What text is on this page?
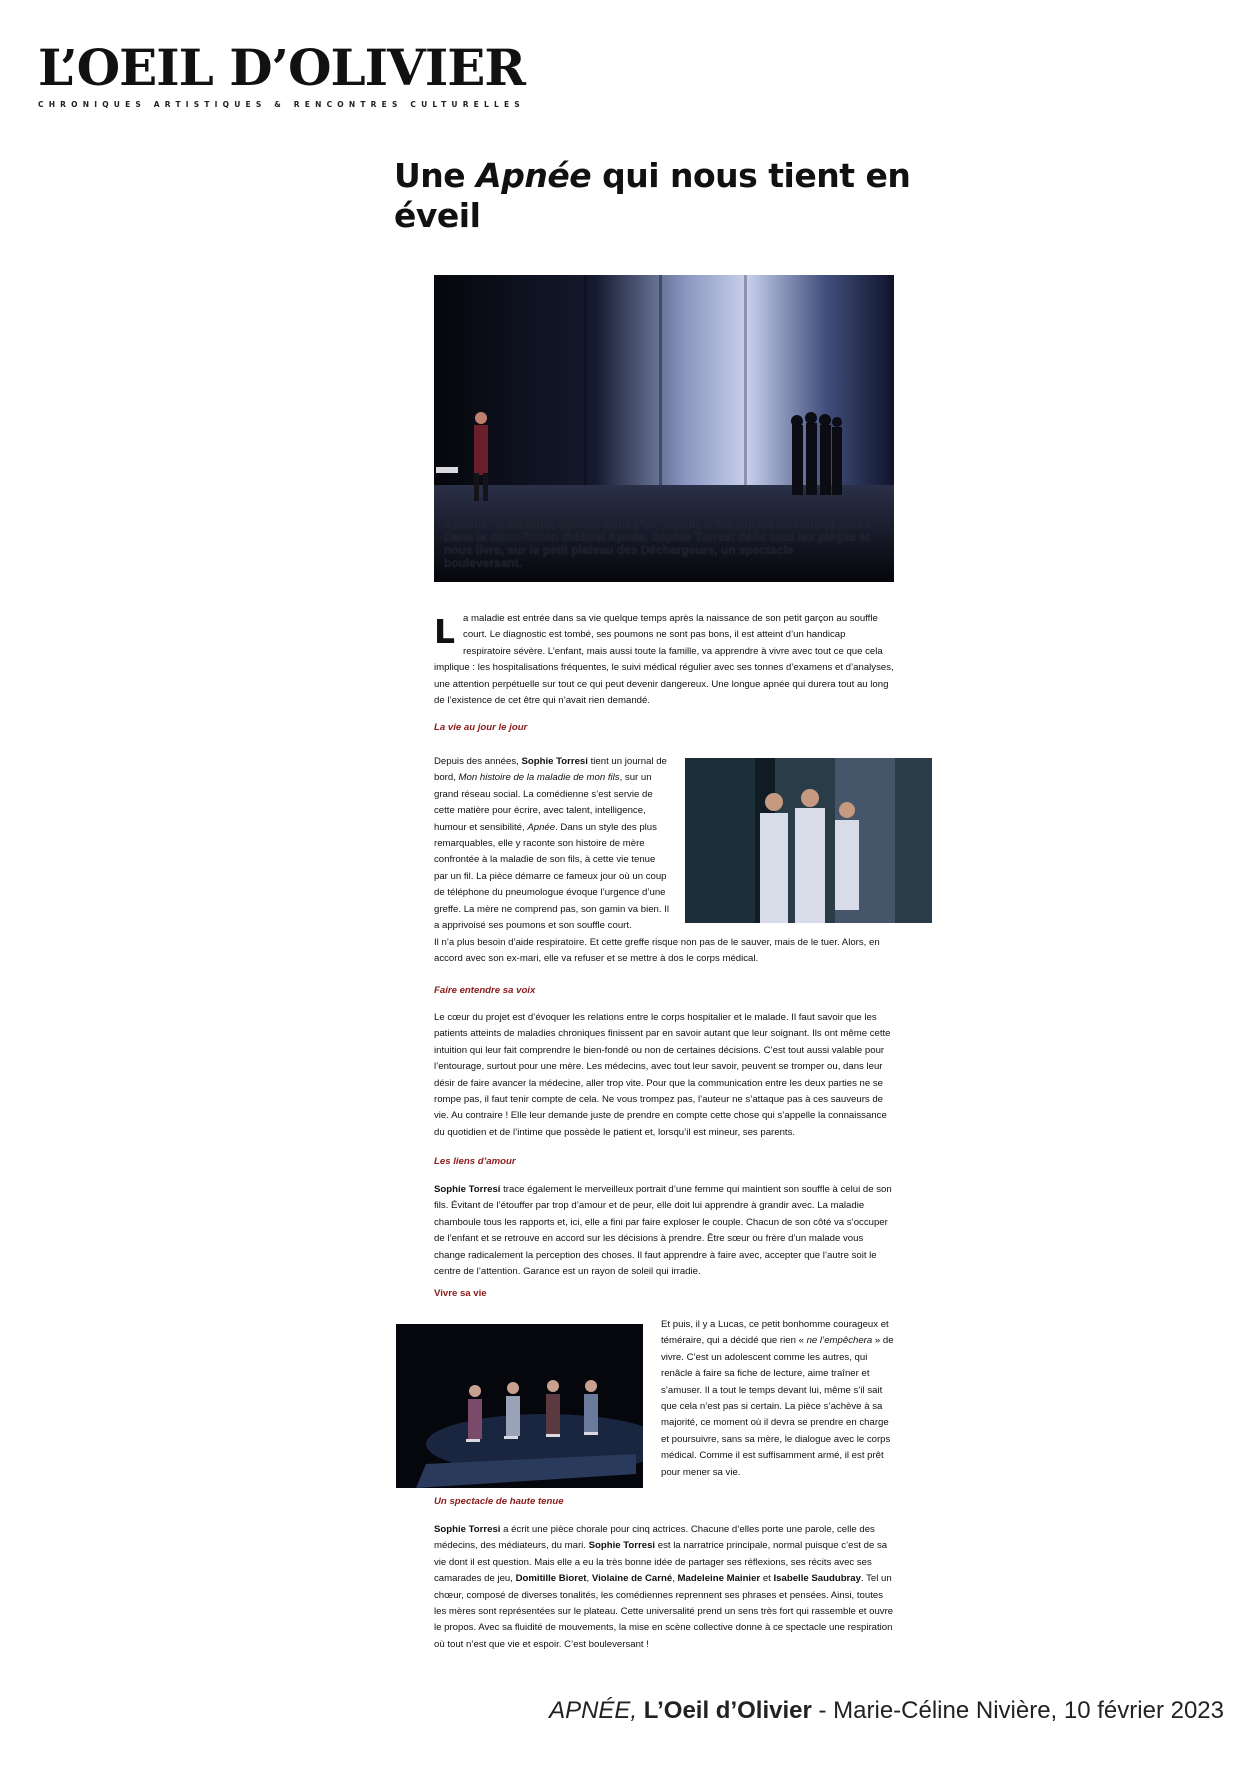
L’OEIL D’OLIVIER
CHRONIQUES ARTISTIQUES & RENCONTRES CULTURELLES
Une Apnée qui nous tient en éveil
Aborder la maladie, surtout celle d’un enfant, n’est jamais une chose aisée. Dans la docu-fiction théâtral Apnée, Sophie Torresi défie tous les pièges et nous livre, sur le petit plateau des Déchargeurs, un spectacle bouleversant.
La maladie est entrée dans sa vie quelque temps après la naissance de son petit garçon au souffle court. Le diagnostic est tombé, ses poumons ne sont pas bons, il est atteint d’un handicap respiratoire sévère. L’enfant, mais aussi toute la famille, va apprendre à vivre avec tout ce que cela implique : les hospitalisations fréquentes, le suivi médical régulier avec ses tonnes d’examens et d’analyses, une attention perpétuelle sur tout ce qui peut devenir dangereux. Une longue apnée qui durera tout au long de l’existence de cet être qui n’avait rien demandé.
La vie au jour le jour
Depuis des années, Sophie Torresi tient un journal de bord, Mon histoire de la maladie de mon fils, sur un grand réseau social. La comédienne s’est servie de cette matière pour écrire, avec talent, intelligence, humour et sensibilité, Apnée. Dans un style des plus remarquables, elle y raconte son histoire de mère confrontée à la maladie de son fils, à cette vie tenue par un fil. La pièce démarre ce fameux jour où un coup de téléphone du pneumologue évoque l’urgence d’une greffe. La mère ne comprend pas, son gamin va bien. Il a apprivoisé ses poumons et son souffle court.
Il n’a plus besoin d’aide respiratoire. Et cette greffe risque non pas de le sauver, mais de le tuer. Alors, en accord avec son ex-mari, elle va refuser et se mettre à dos le corps médical.
Faire entendre sa voix
Le cœur du projet est d’évoquer les relations entre le corps hospitalier et le malade. Il faut savoir que les patients atteints de maladies chroniques finissent par en savoir autant que leur soignant. Ils ont même cette intuition qui leur fait comprendre le bien-fondé ou non de certaines décisions. C’est tout aussi valable pour l’entourage, surtout pour une mère. Les médecins, avec tout leur savoir, peuvent se tromper ou, dans leur désir de faire avancer la médecine, aller trop vite. Pour que la communication entre les deux parties ne se rompe pas, il faut tenir compte de cela. Ne vous trompez pas, l’auteur ne s’attaque pas à ces sauveurs de vie. Au contraire ! Elle leur demande juste de prendre en compte cette chose qui s’appelle la connaissance du quotidien et de l’intime que possède le patient et, lorsqu’il est mineur, ses parents.
Les liens d’amour
Sophie Torresi trace également le merveilleux portrait d’une femme qui maintient son souffle à celui de son fils. Évitant de l’étouffer par trop d’amour et de peur, elle doit lui apprendre à grandir avec. La maladie chamboule tous les rapports et, ici, elle a fini par faire exploser le couple. Chacun de son côté va s’occuper de l’enfant et se retrouve en accord sur les décisions à prendre. Être sœur ou frère d’un malade vous change radicalement la perception des choses. Il faut apprendre à faire avec, accepter que l’autre soit le centre de l’attention. Garance est un rayon de soleil qui irradie.
Vivre sa vie
Et puis, il y a Lucas, ce petit bonhomme courageux et téméraire, qui a décidé que rien « ne l’empêchera » de vivre. C’est un adolescent comme les autres, qui renâcle à faire sa fiche de lecture, aime traîner et s’amuser. Il a tout le temps devant lui, même s’il sait que cela n’est pas si certain. La pièce s’achève à sa majorité, ce moment où il devra se prendre en charge et poursuivre, sans sa mère, le dialogue avec le corps médical. Comme il est suffisamment armé, il est prêt pour mener sa vie.
Un spectacle de haute tenue
Sophie Torresi a écrit une pièce chorale pour cinq actrices. Chacune d’elles porte une parole, celle des médecins, des médiateurs, du mari. Sophie Torresi est la narratrice principale, normal puisque c’est de sa vie dont il est question. Mais elle a eu la très bonne idée de partager ses réflexions, ses récits avec ses camarades de jeu, Domitille Bioret, Violaine de Carné, Madeleine Mainier et Isabelle Saudubray. Tel un chœur, composé de diverses tonalités, les comédiennes reprennent ses phrases et pensées. Ainsi, toutes les mères sont représentées sur le plateau. Cette universalité prend un sens très fort qui rassemble et ouvre le propos. Avec sa fluidité de mouvements, la mise en scène collective donne à ce spectacle une respiration où tout n’est que vie et espoir. C’est bouleversant !
APNÉE, L’Oeil d’Olivier - Marie-Céline Nivière, 10 février 2023
